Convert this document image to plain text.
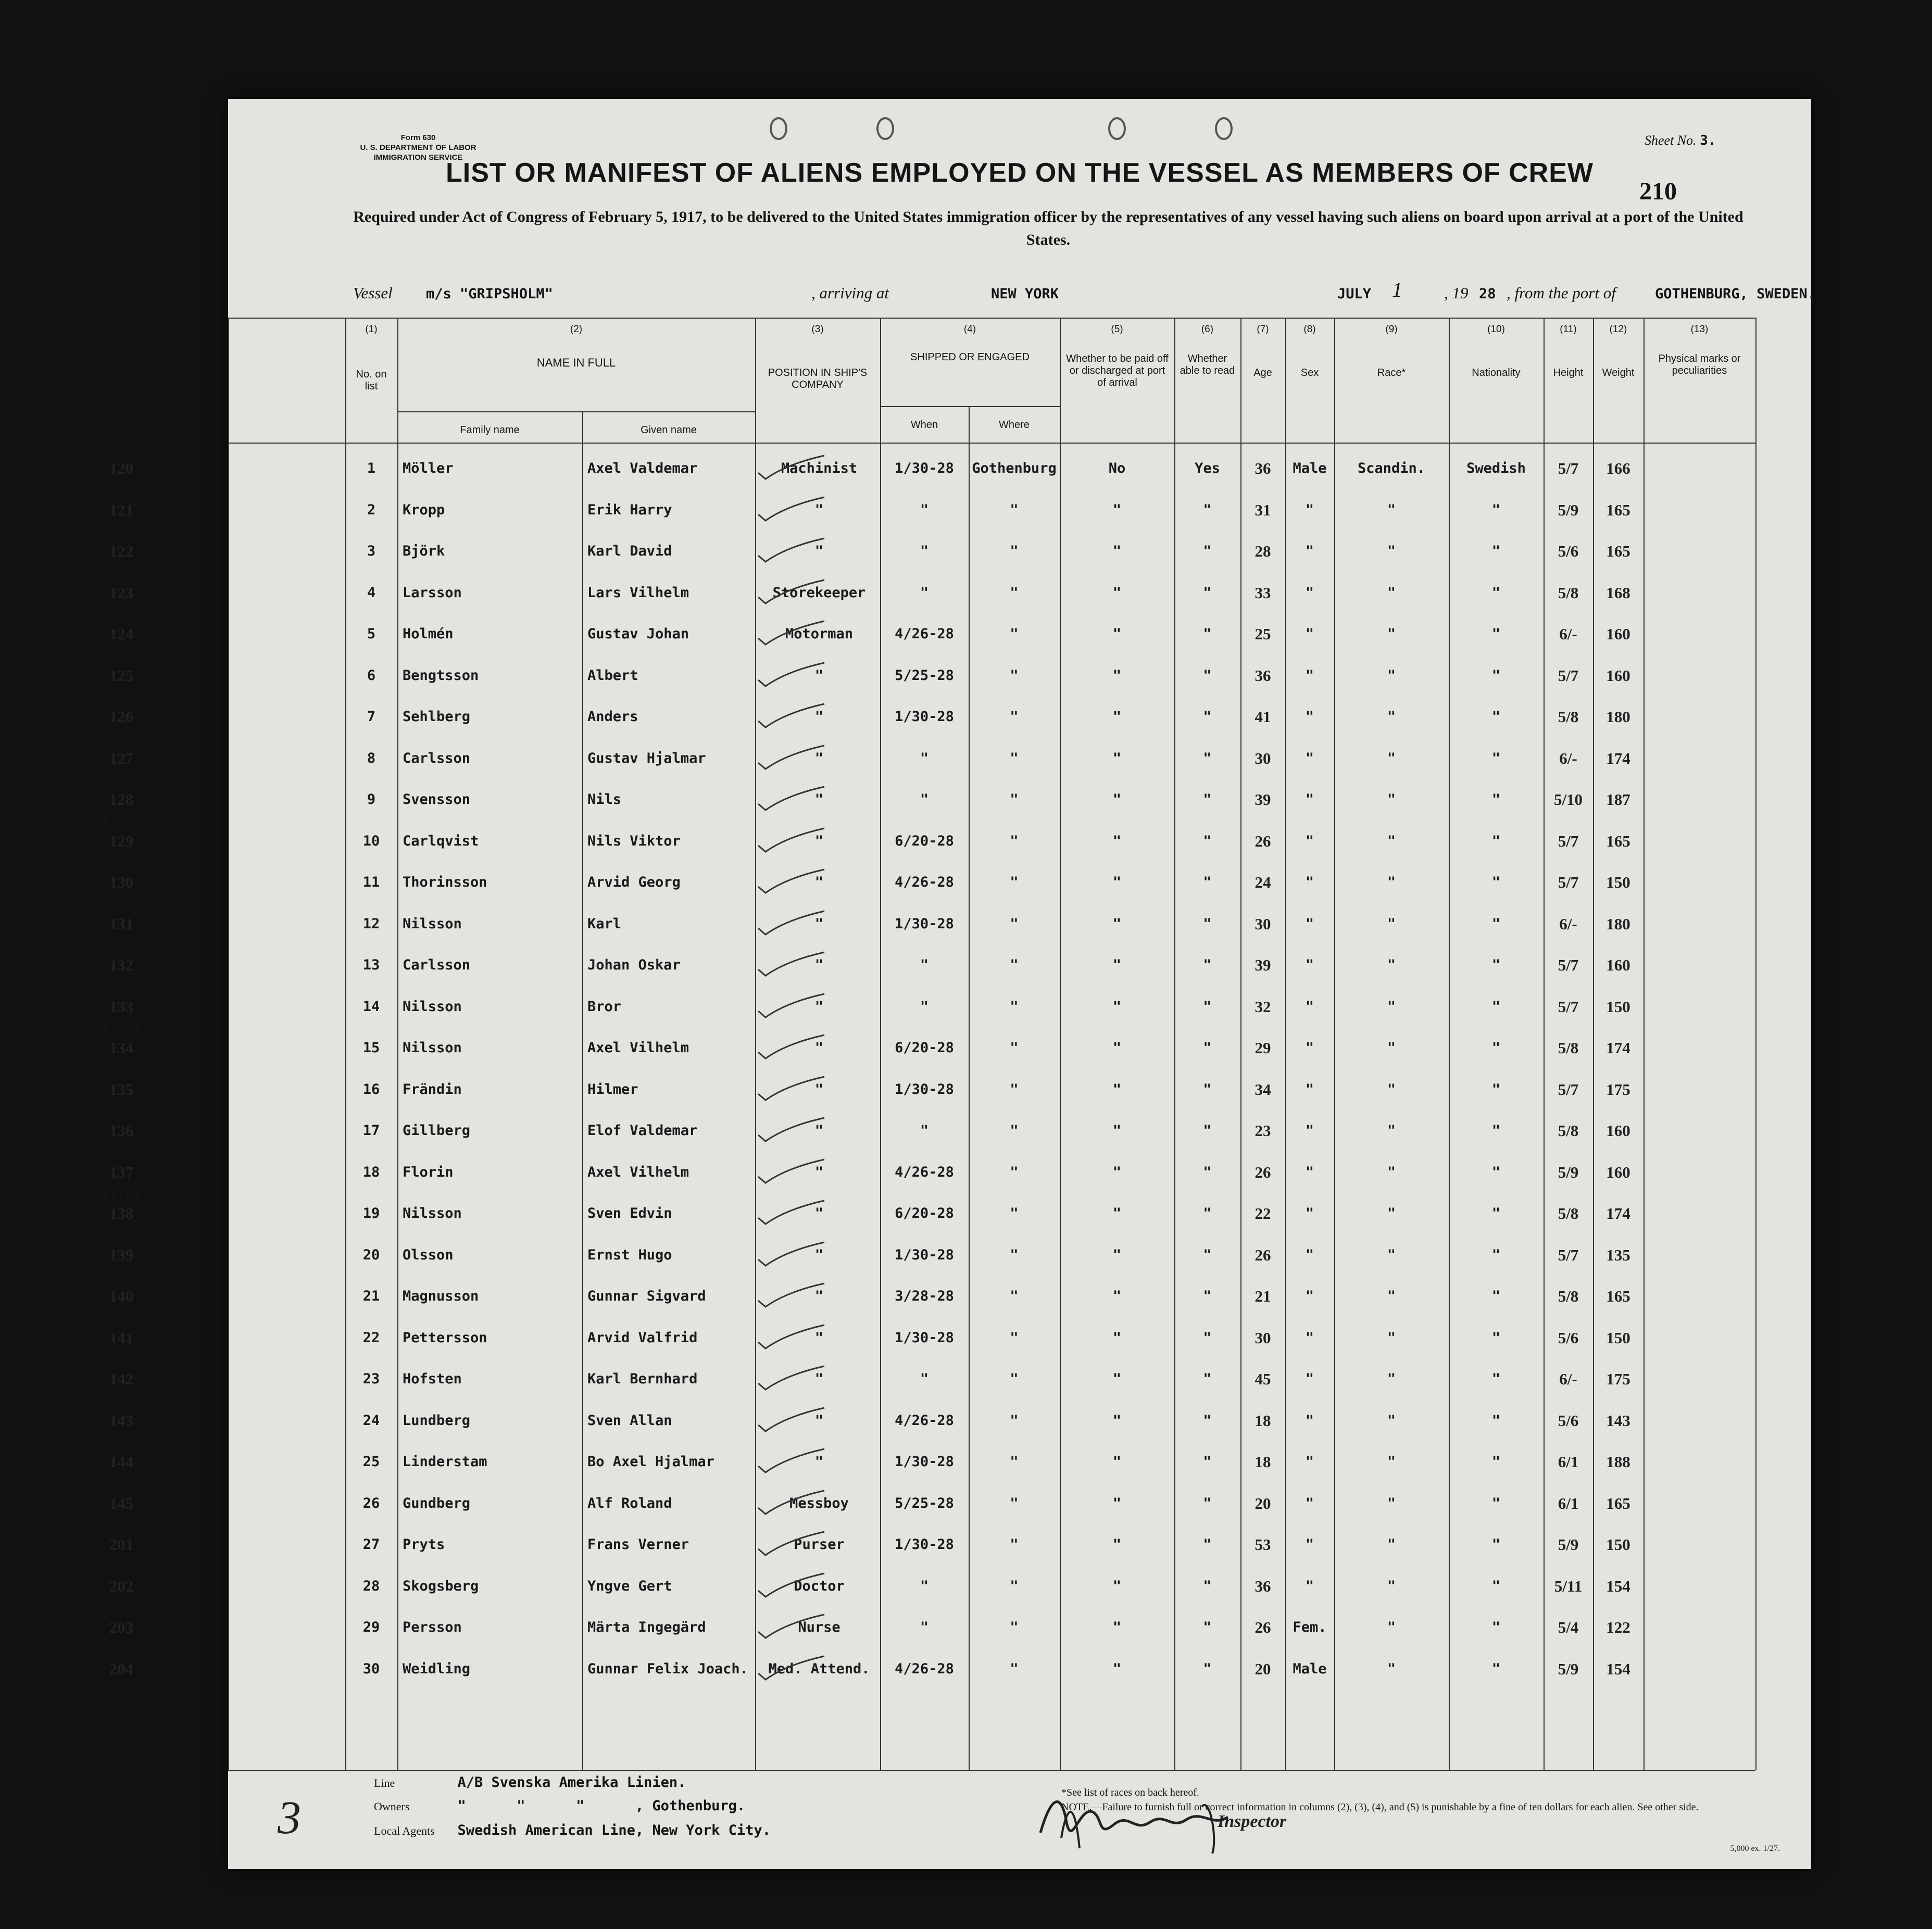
Form 630
U. S. DEPARTMENT OF LABOR
IMMIGRATION SERVICE
Sheet No. 3.
210
LIST OR MANIFEST OF ALIENS EMPLOYED ON THE VESSEL AS MEMBERS OF CREW
Required under Act of Congress of February 5, 1917, to be delivered to the United States immigration officer by the representatives of any vessel having such aliens on board upon arrival at a port of the United States.
Vessel m/s "GRIPSHOLM"	, arriving at	NEW YORK	JULY 1	, 19 28 , from the port of	GOTHENBURG, SWEDEN.
(1)	(2)	(3)	(4)	(5)	(6)	(7)	(8)	(9)	(10)	(11)	(12)	(13)
No. on list
NAME IN FULL
Family name	Given name
POSITION IN SHIP'S COMPANY
SHIPPED OR ENGAGED
When	Where
Whether to be paid off or discharged at port of arrival
Whether able to read	Age	Sex	Race*	Nationality	Height	Weight
Physical marks or peculiarities
120	1	Möller	Axel Valdemar	Machinist	1/30-28	Gothenburg	No	Yes	36	Male	Scandin.	Swedish	5/7	166
121	2	Kropp	Erik Harry	"	"	"	"	"	31	"	"	"	5/9	165
122	3	Björk	Karl David	"	"	"	"	"	28	"	"	"	5/6	165
123	4	Larsson	Lars Vilhelm	Storekeeper	"	"	"	"	33	"	"	"	5/8	168
124	5	Holmén	Gustav Johan	Motorman	4/26-28	"	"	"	25	"	"	"	6/-	160
125	6	Bengtsson	Albert	"	5/25-28	"	"	"	36	"	"	"	5/7	160
126	7	Sehlberg	Anders	"	1/30-28	"	"	"	41	"	"	"	5/8	180
127	8	Carlsson	Gustav Hjalmar	"	"	"	"	"	30	"	"	"	6/-	174
128	9	Svensson	Nils	"	"	"	"	"	39	"	"	"	5/10	187
129	10	Carlqvist	Nils Viktor	"	6/20-28	"	"	"	26	"	"	"	5/7	165
First
130	11	Thorinsson	Arvid Georg	"	4/26-28	"	"	"	24	"	"	"	5/7	150
131	12	Nilsson	Karl	"	1/30-28	"	"	"	30	"	"	"	6/-	180
132	13	Carlsson	Johan Oskar	"	"	"	"	"	39	"	"	"	5/7	160
133	14	Nilsson	Bror	"	"	"	"	"	32	"	"	"	5/7	150
134	15	Nilsson	Axel Vilhelm	"	6/20-28	"	"	"	29	"	"	"	5/8	174
First
135	16	Frändin	Hilmer	"	1/30-28	"	"	"	34	"	"	"	5/7	175
136	17	Gillberg	Elof Valdemar	"	"	"	"	"	23	"	"	"	5/8	160
137	18	Florin	Axel Vilhelm	"	4/26-28	"	"	"	26	"	"	"	5/9	160
138	19	Nilsson	Sven Edvin	"	6/20-28	"	"	"	22	"	"	"	5/8	174
First
139	20	Olsson	Ernst Hugo	"	1/30-28	"	"	"	26	"	"	"	5/7	135
140	21	Magnusson	Gunnar Sigvard	"	3/28-28	"	"	"	21	"	"	"	5/8	165
141	22	Pettersson	Arvid Valfrid	"	1/30-28	"	"	"	30	"	"	"	5/6	150
142	23	Hofsten	Karl Bernhard	"	"	"	"	"	45	"	"	"	6/-	175
143	24	Lundberg	Sven Allan	"	4/26-28	"	"	"	18	"	"	"	5/6	143
144	25	Linderstam	Bo Axel Hjalmar	"	1/30-28	"	"	"	18	"	"	"	6/1	188
145	26	Gundberg	Alf Roland	Messboy	5/25-28	"	"	"	20	"	"	"	6/1	165
201	27	Pryts	Frans Verner	Purser	1/30-28	"	"	"	53	"	"	"	5/9	150
202	28	Skogsberg	Yngve Gert	Doctor	"	"	"	"	36	"	"	"	5/11	154
203	29	Persson	Märta Ingegärd	Nurse	"	"	"	"	26	Fem.	"	"	5/4	122
204	30	Weidling	Gunnar Felix Joach.	Med. Attend.	4/26-28	"	"	"	20	Male	"	"	5/9	154
Inspector
3
Line	A/B Svenska Amerika Linien.
Owners	"      "      "      , Gothenburg.
Local Agents Swedish American Line, New York City.
*See list of races on back hereof.
NOTE.—Failure to furnish full or correct information in columns (2), (3), (4), and (5) is punishable by a fine of ten dollars for each alien. See other side.
5,000 ex. 1/27.
